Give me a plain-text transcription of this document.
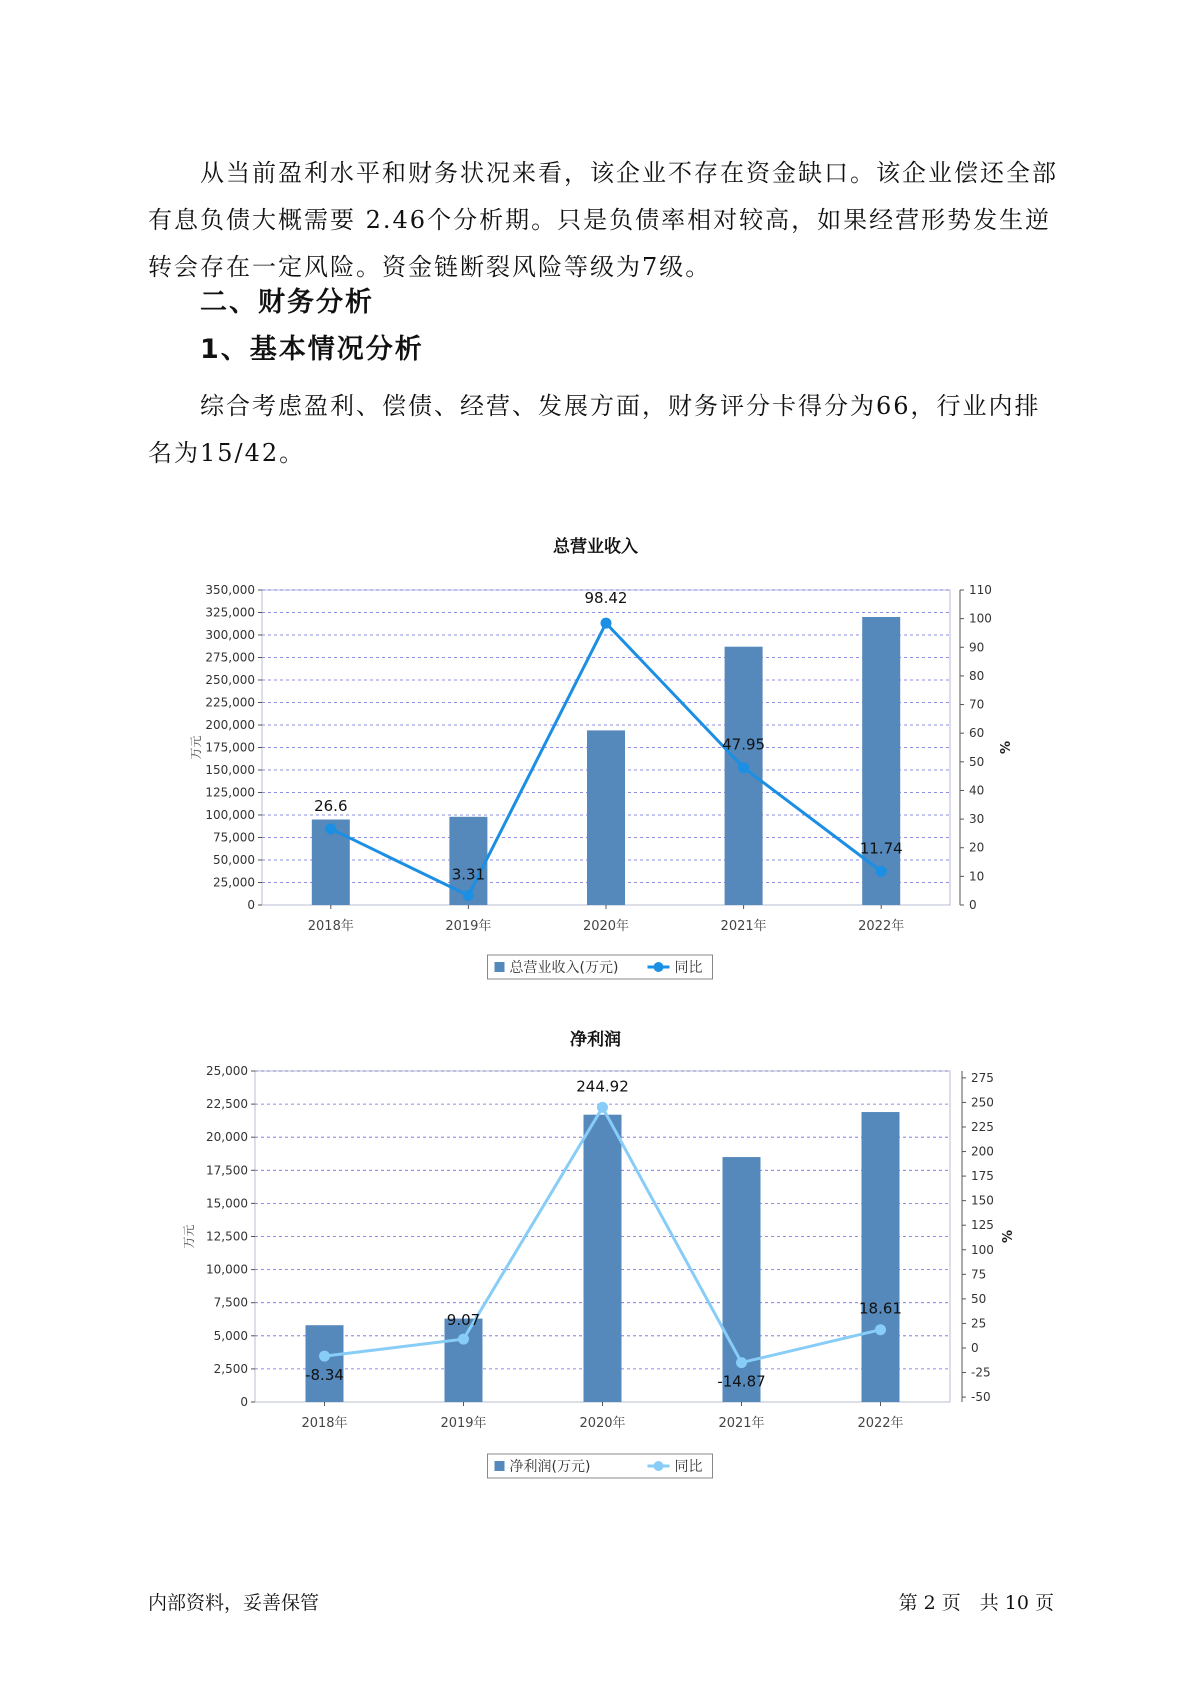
从当前盈利水平和财务状况来看，该企业不存在资金缺口。该企业偿还全部有息负债大概需要 2.46个分析期。只是负债率相对较高，如果经营形势发生逆转会存在一定风险。资金链断裂风险等级为7级。

二、财务分析
1、基本情况分析

综合考虑盈利、偿债、经营、发展方面，财务评分卡得分为66，行业内排名为15/42。

总营业收入
0
25,000
50,000
75,000
100,000
125,000
150,000
175,000
200,000
225,000
250,000
275,000
300,000
325,000
350,000
0
10
20
30
40
50
60
70
80
90
100
110
万元	%
2018年	2019年	2020年	2021年	2022年
26.6
3.31
98.42
47.95
11.74
总营业收入(万元)	同比
净利润
0
2,500
5,000
7,500
10,000
12,500
15,000
17,500
20,000
22,500
25,000
-50
-25
0
25
50
75
100
125
150
175
200
225
250
275
万元	%
2018年	2019年	2020年	2021年	2022年
-8.34
9.07
244.92
-14.87
18.61
净利润(万元)	同比
内部资料，妥善保管	第 2 页　共 10 页
